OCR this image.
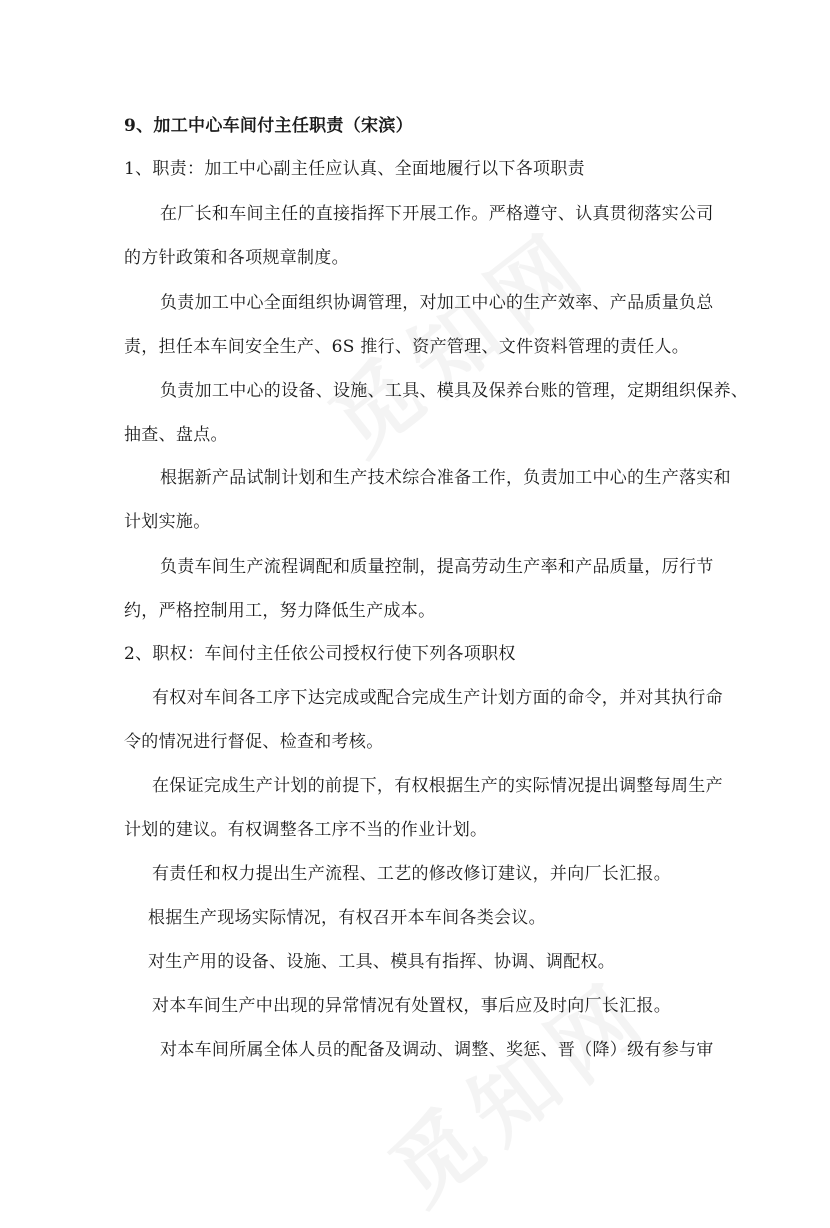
9、加工中心车间付主任职责（宋滨）
1、职责：加工中心副主任应认真、全面地履行以下各项职责
在厂长和车间主任的直接指挥下开展工作。严格遵守、认真贯彻落实公司
的方针政策和各项规章制度。
负责加工中心全面组织协调管理，对加工中心的生产效率、产品质量负总
责，担任本车间安全生产、6S 推行、资产管理、文件资料管理的责任人。
负责加工中心的设备、设施、工具、模具及保养台账的管理，定期组织保养、
抽查、盘点。
根据新产品试制计划和生产技术综合准备工作，负责加工中心的生产落实和
计划实施。
负责车间生产流程调配和质量控制，提高劳动生产率和产品质量，厉行节
约，严格控制用工，努力降低生产成本。
2、职权：车间付主任依公司授权行使下列各项职权
有权对车间各工序下达完成或配合完成生产计划方面的命令，并对其执行命
令的情况进行督促、检查和考核。
在保证完成生产计划的前提下，有权根据生产的实际情况提出调整每周生产
计划的建议。有权调整各工序不当的作业计划。
有责任和权力提出生产流程、工艺的修改修订建议，并向厂长汇报。
根据生产现场实际情况，有权召开本车间各类会议。
对生产用的设备、设施、工具、模具有指挥、协调、调配权。
对本车间生产中出现的异常情况有处置权，事后应及时向厂长汇报。
对本车间所属全体人员的配备及调动、调整、奖惩、晋（降）级有参与审
